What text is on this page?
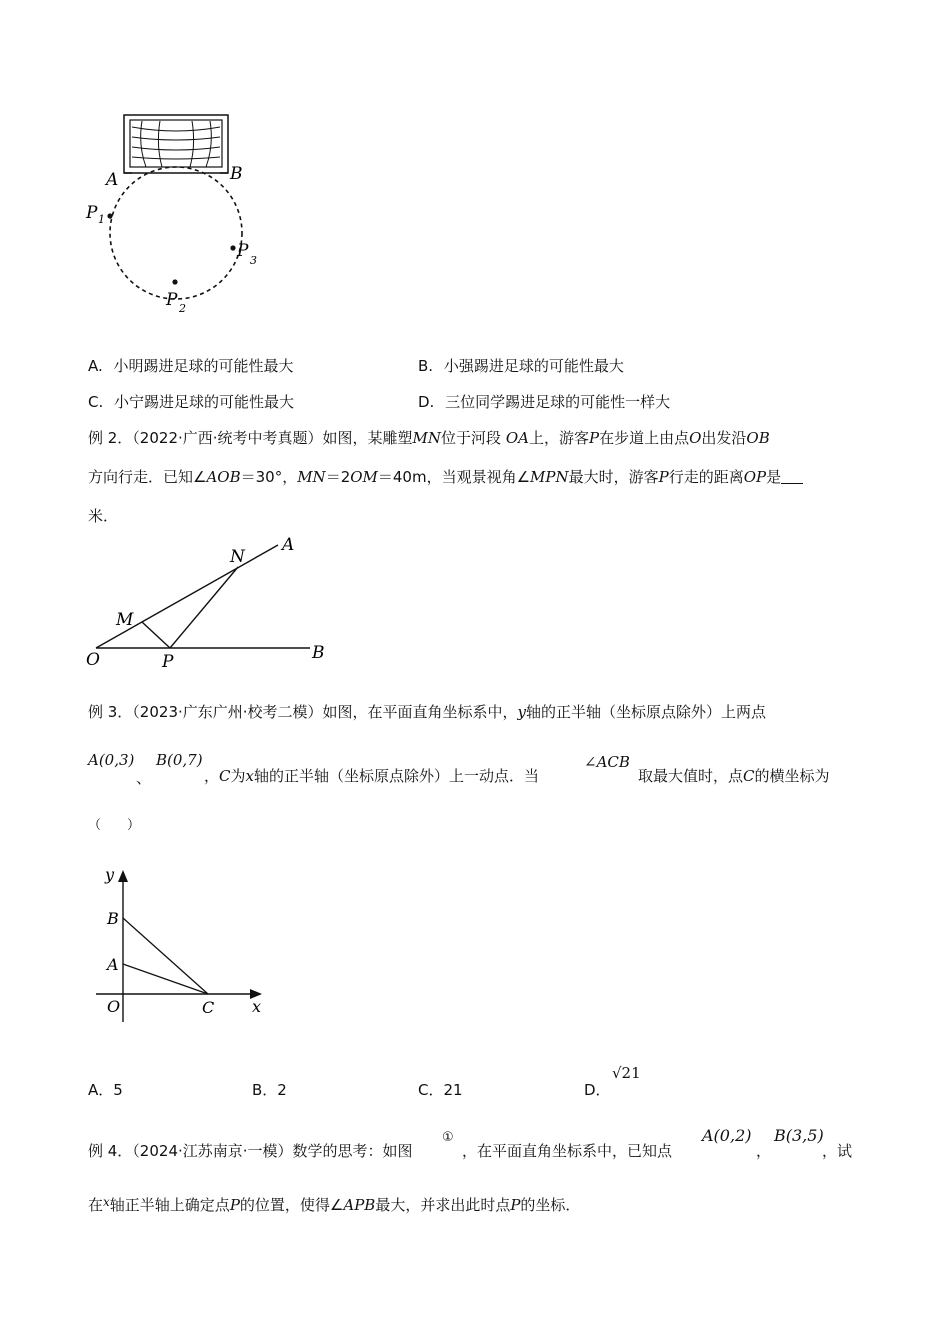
A	B
P 1
P 2
P 3
A. 小明踢进足球的可能性最大	B. 小强踢进足球的可能性最大
C. 小宁踢进足球的可能性最大	D. 三位同学踢进足球的可能性一样大
例 2．（2022·广西·统考中考真题）如图，某雕塑MN位于河段 OA上，游客P在步道上由点O出发沿OB
方向行走．已知∠AOB＝30°，MN＝2OM＝40m，当观景视角∠MPN最大时，游客P行走的距离OP是
米．
O	P	B
M
N
A
例 3．（2023·广东广州·校考二模）如图，在平面直角坐标系中，y轴的正半轴（坐标原点除外）上两点
A(0,3)
、
B(0,7)
，C为x轴的正半轴（坐标原点除外）上一动点．当
∠ACB
取最大值时，点C的横坐标为
（　　）
y
x
B
A
O	C
A．5	B．2	C．21	D．
√21
例 4．（2024·江苏南京·一模）数学的思考：如图
①
，在平面直角坐标系中，已知点
A(0,2)
，
B(3,5)
，试
在$^x$轴正半轴上确定点P的位置，使得∠APB最大，并求出此时点P的坐标．
